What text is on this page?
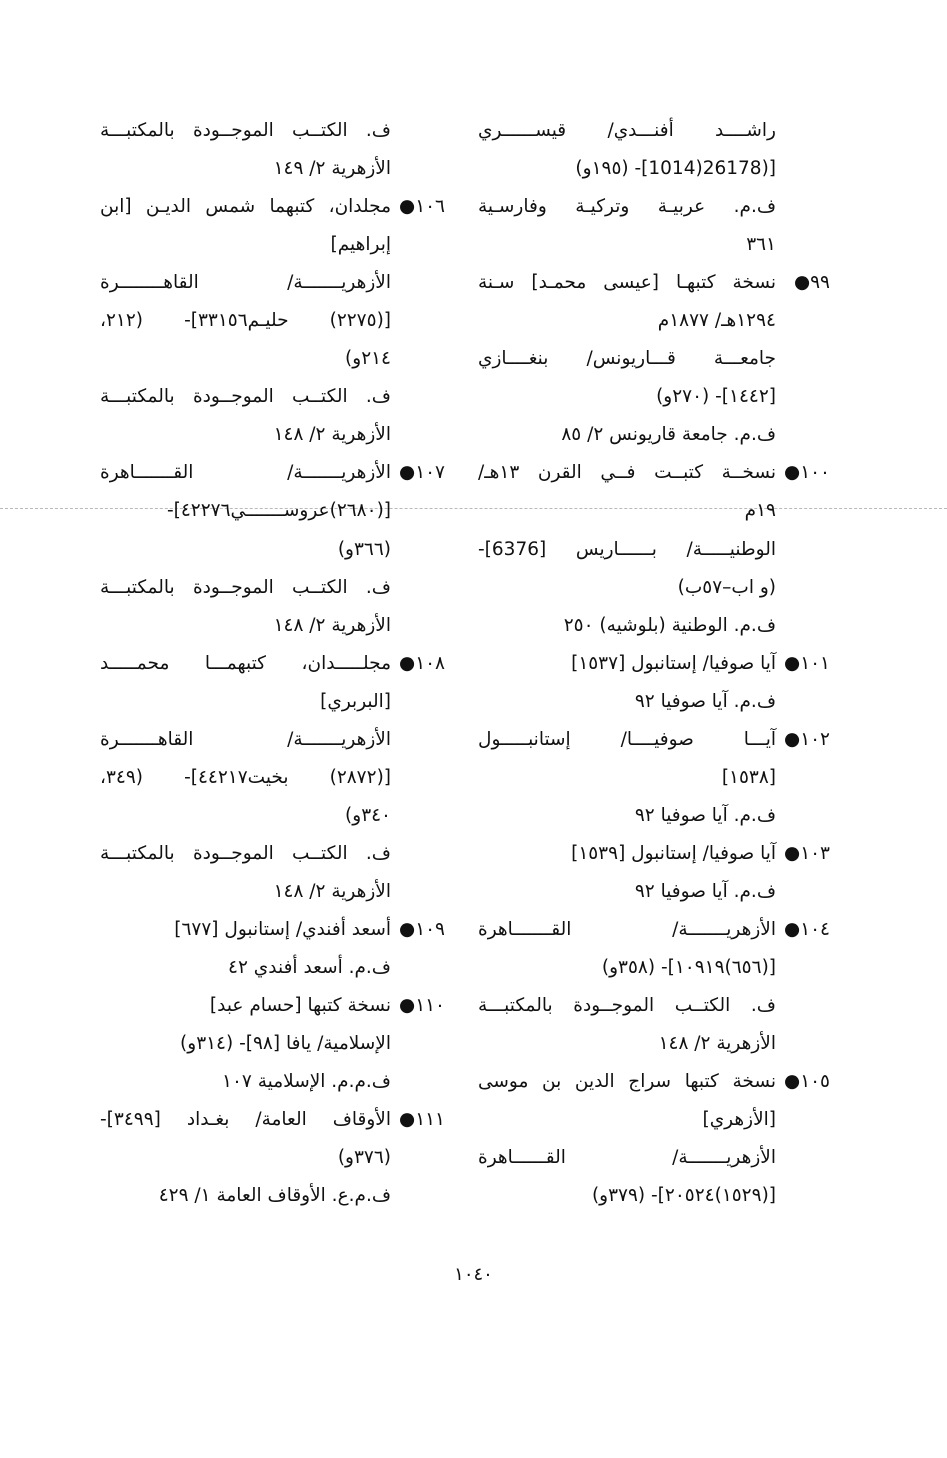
راشــــد أفنـــدي/ قيســــــري
[(26178(1014]- (١٩٥و)
ف.م. عربيـة وتركيـة وفارسـية
٣٦١
٩٩●نسخة كتبهـا [عيسى محمـد] سـنة
١٢٩٤هـ/ ١٨٧٧م
جامعـــة قـــاريونس/ بنغــــازي
[١٤٤٢]- (٢٧٠و)
ف.م. جامعة قاريونس ٢/ ٨٥
١٠٠●نسخــة كتبــت فــي القرن ١٣هـ/
١٩م
الوطنيـــــة/ بــــــاريس [6376]-
(و اب–٥٧ب)
ف.م. الوطنية (بلوشيه) ٢٥٠
١٠١●آيا صوفيا/ إستانبول [١٥٣٧]
ف.م. آيا صوفيا ٩٢
١٠٢●آيـــا صوفيــــا/ إستانبـــــول
[١٥٣٨]
ف.م. آيا صوفيا ٩٢
١٠٣●آيا صوفيا/ إستانبول [١٥٣٩]
ف.م. آيا صوفيا ٩٢
١٠٤●الأزهريـــــــة/ القـــــــاهرة
[(٦٥٦)١٠٩١٩]- (٣٥٨و)
ف. الكتــب الموجــودة بالمكتبـــة
الأزهرية ٢/ ١٤٨
١٠٥●نسخة كتبها سراج الدين بن موسى
[الأزهري]
الأزهريـــــــة/ القــــــاهرة
[(١٥٢٩)٢٠٥٢٤]- (٣٧٩و)
ف. الكتــب الموجــودة بالمكتبـــة
الأزهرية ٢/ ١٤٩
١٠٦●مجلدان، كتبهما شمس الديـن [ابن
إبراهيم]
الأزهريـــــــة/ القاهــــــــرة
[(٢٢٧٥) حليـم٣٣١٥٦]- (٢١٢،
٢١٤و)
ف. الكتــب الموجــودة بالمكتبـــة
الأزهرية ٢/ ١٤٨
١٠٧●الأزهريـــــــة/ القـــــــاهرة
[(٢٦٨٠)عروســـــــي٤٢٢٧٦]-
(٣٦٦و)
ف. الكتــب الموجــودة بالمكتبـــة
الأزهرية ٢/ ١٤٨
١٠٨●مجلـــــدان، كتبهمـــا محمـــــد
[البربري]
الأزهريـــــــة/ القاهـــــــرة
[(٢٨٧٢) بخيت٤٤٢١٧]- (٣٤٩،
٣٤٠و)
ف. الكتــب الموجــودة بالمكتبـــة
الأزهرية ٢/ ١٤٨
١٠٩●أسعد أفندي/ إستانبول [٦٧٧]
ف.م. أسعد أفندي ٤٢
١١٠●نسخة كتبها [حسام عبد]
الإسلامية/ يافا [٩٨]- (٣١٤و)
ف.م.م. الإسلامية ١٠٧
١١١●الأوقاف العامة/ بغـداد [٣٤٩٩]-
(٣٧٦و)
ف.م.ع. الأوقاف العامة ١/ ٤٢٩
١٠٤٠
